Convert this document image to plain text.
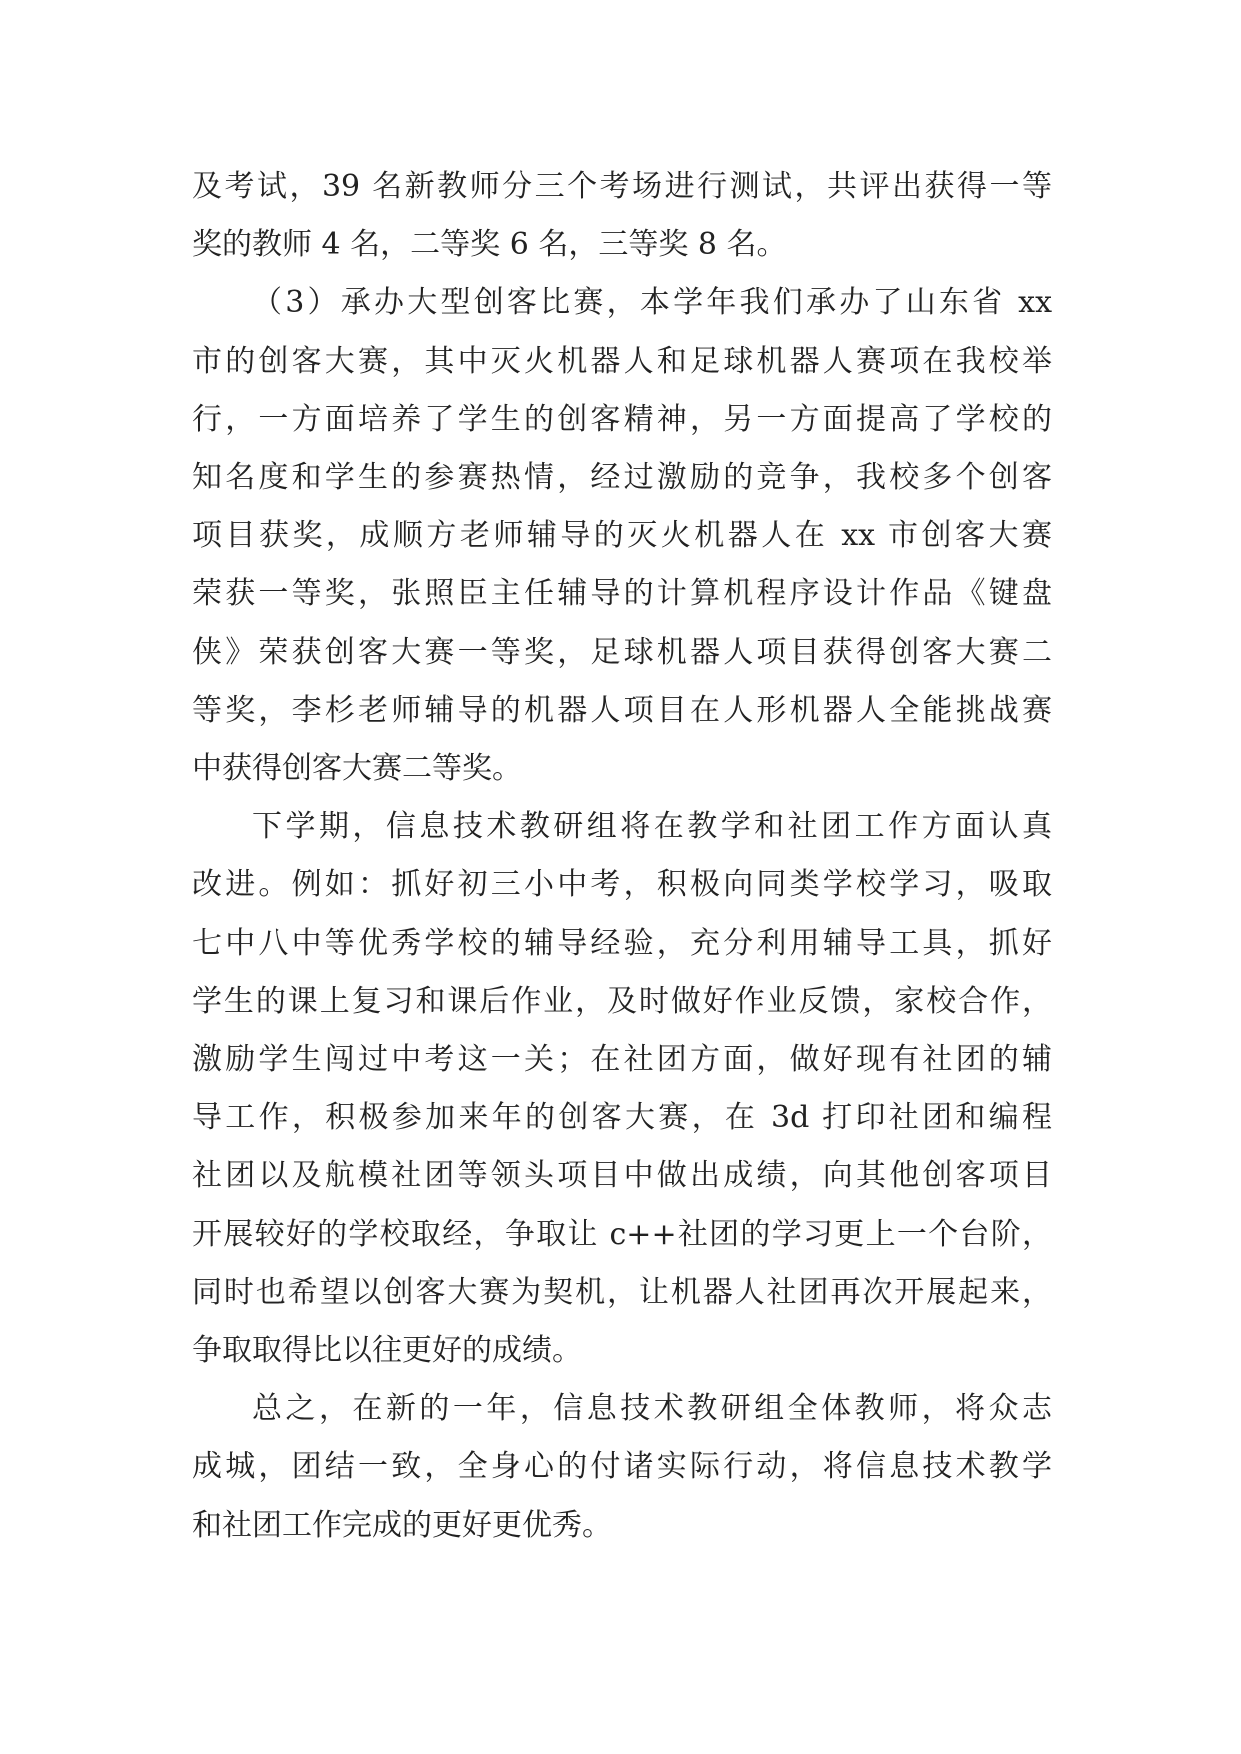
及考试，39 名新教师分三个考场进行测试，共评出获得一等
奖的教师 4 名，二等奖 6 名，三等奖 8 名。

（3）承办大型创客比赛，本学年我们承办了山东省 xx
市的创客大赛，其中灭火机器人和足球机器人赛项在我校举
行，一方面培养了学生的创客精神，另一方面提高了学校的
知名度和学生的参赛热情，经过激励的竞争，我校多个创客
项目获奖，成顺方老师辅导的灭火机器人在 xx 市创客大赛
荣获一等奖，张照臣主任辅导的计算机程序设计作品《键盘
侠》荣获创客大赛一等奖，足球机器人项目获得创客大赛二
等奖，李杉老师辅导的机器人项目在人形机器人全能挑战赛
中获得创客大赛二等奖。

下学期，信息技术教研组将在教学和社团工作方面认真
改进。例如：抓好初三小中考，积极向同类学校学习，吸取
七中八中等优秀学校的辅导经验，充分利用辅导工具，抓好
学生的课上复习和课后作业，及时做好作业反馈，家校合作，
激励学生闯过中考这一关；在社团方面，做好现有社团的辅
导工作，积极参加来年的创客大赛，在 3d 打印社团和编程
社团以及航模社团等领头项目中做出成绩，向其他创客项目
开展较好的学校取经，争取让 c++社团的学习更上一个台阶，
同时也希望以创客大赛为契机，让机器人社团再次开展起来，
争取取得比以往更好的成绩。

总之，在新的一年，信息技术教研组全体教师，将众志
成城，团结一致，全身心的付诸实际行动，将信息技术教学
和社团工作完成的更好更优秀。
